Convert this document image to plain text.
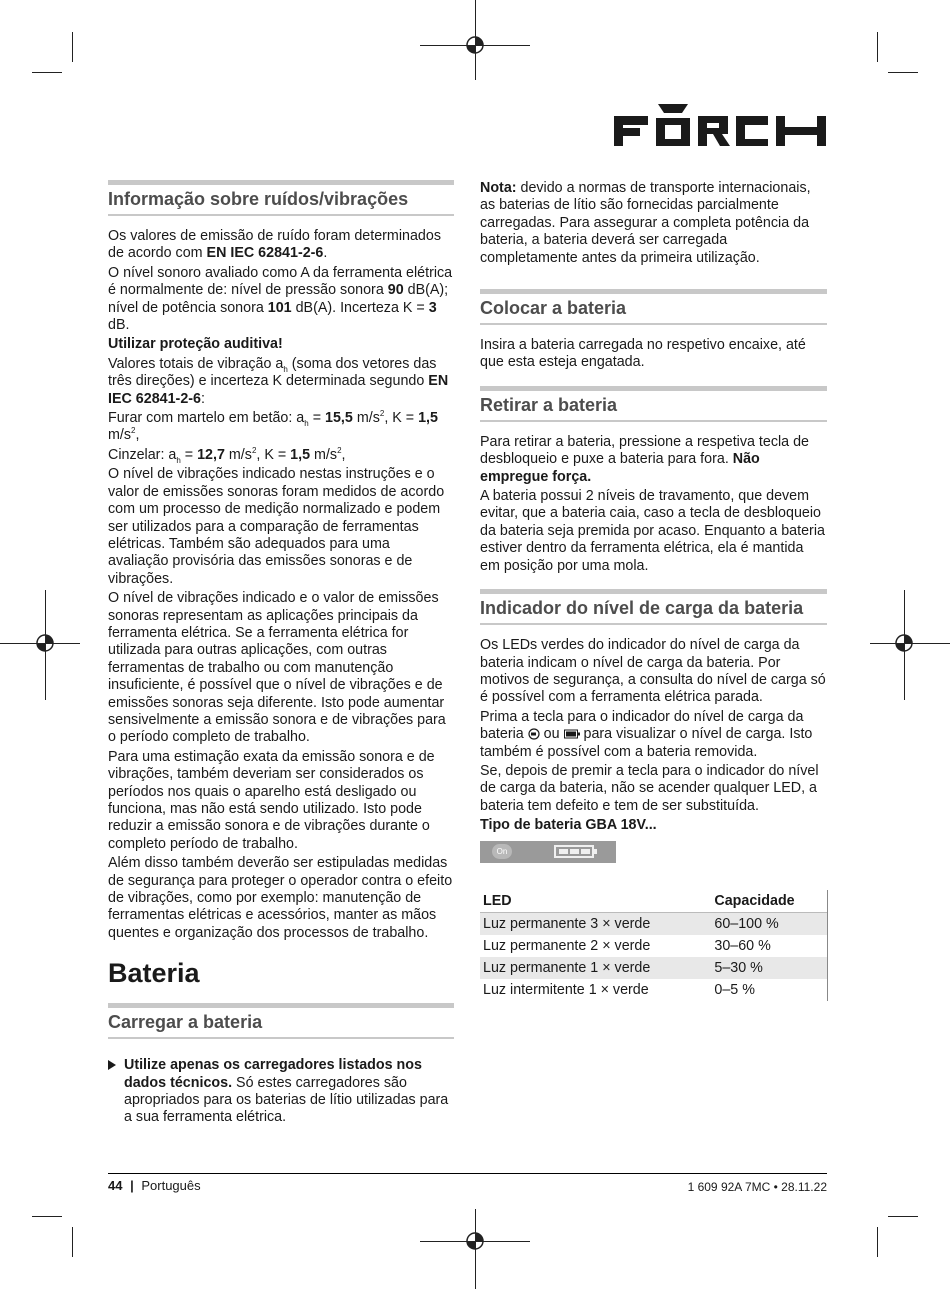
Informação sobre ruídos/vibrações

Os valores de emissão de ruído foram determinados de acordo com EN IEC 62841-2-6.

O nível sonoro avaliado como A da ferramenta elétrica é normalmente de: nível de pressão sonora 90 dB(A); nível de potência sonora 101 dB(A). Incerteza K = 3 dB.

Utilizar proteção auditiva!

Valores totais de vibração $a_h$ (soma dos vetores das três direções) e incerteza K determinada segundo EN IEC 62841-2-6:

Furar com martelo em betão: $a_h = 15,5$ $m/s^2$, K = 1,5 $m/s^2$,

Cinzelar: $a_h = 12,7$ $m/s^2$, K = 1,5 $m/s^2$,

O nível de vibrações indicado nestas instruções e o valor de emissões sonoras foram medidos de acordo com um processo de medição normalizado e podem ser utilizados para a comparação de ferramentas elétricas. Também são adequados para uma avaliação provisória das emissões sonoras e de vibrações.

O nível de vibrações indicado e o valor de emissões sonoras representam as aplicações principais da ferramenta elétrica. Se a ferramenta elétrica for utilizada para outras aplicações, com outras ferramentas de trabalho ou com manutenção insuficiente, é possível que o nível de vibrações e de emissões sonoras seja diferente. Isto pode aumentar sensivelmente a emissão sonora e de vibrações para o período completo de trabalho.

Para uma estimação exata da emissão sonora e de vibrações, também deveriam ser considerados os períodos nos quais o aparelho está desligado ou funciona, mas não está sendo utilizado. Isto pode reduzir a emissão sonora e de vibrações durante o completo período de trabalho.

Além disso também deverão ser estipuladas medidas de segurança para proteger o operador contra o efeito de vibrações, como por exemplo: manutenção de ferramentas elétricas e acessórios, manter as mãos quentes e organização dos processos de trabalho.

Bateria
Carregar a bateria

Utilize apenas os carregadores listados nos dados técnicos. Só estes carregadores são apropriados para os baterias de lítio utilizadas para a sua ferramenta elétrica.

Nota: devido a normas de transporte internacionais, as baterias de lítio são fornecidas parcialmente carregadas. Para assegurar a completa potência da bateria, a bateria deverá ser carregada completamente antes da primeira utilização.

Colocar a bateria

Insira a bateria carregada no respetivo encaixe, até que esta esteja engatada.

Retirar a bateria

Para retirar a bateria, pressione a respetiva tecla de desbloqueio e puxe a bateria para fora. Não empregue força.

A bateria possui 2 níveis de travamento, que devem evitar, que a bateria caia, caso a tecla de desbloqueio da bateria seja premida por acaso. Enquanto a bateria estiver dentro da ferramenta elétrica, ela é mantida em posição por uma mola.

Indicador do nível de carga da bateria

Os LEDs verdes do indicador do nível de carga da bateria indicam o nível de carga da bateria. Por motivos de segurança, a consulta do nível de carga só é possível com a ferramenta elétrica parada.

Prima a tecla para o indicador do nível de carga da bateria  ou  para visualizar o nível de carga. Isto também é possível com a bateria removida.

Se, depois de premir a tecla para o indicador do nível de carga da bateria, não se acender qualquer LED, a bateria tem defeito e tem de ser substituída.

Tipo de bateria GBA 18V...

On
LED	Capacidade
Luz permanente 3 × verde	60–100 %
Luz permanente 2 × verde	30–60 %
Luz permanente 1 × verde	5–30 %
Luz intermitente 1 × verde	0–5 %
44 | Português	1 609 92A 7MC • 28.11.22
